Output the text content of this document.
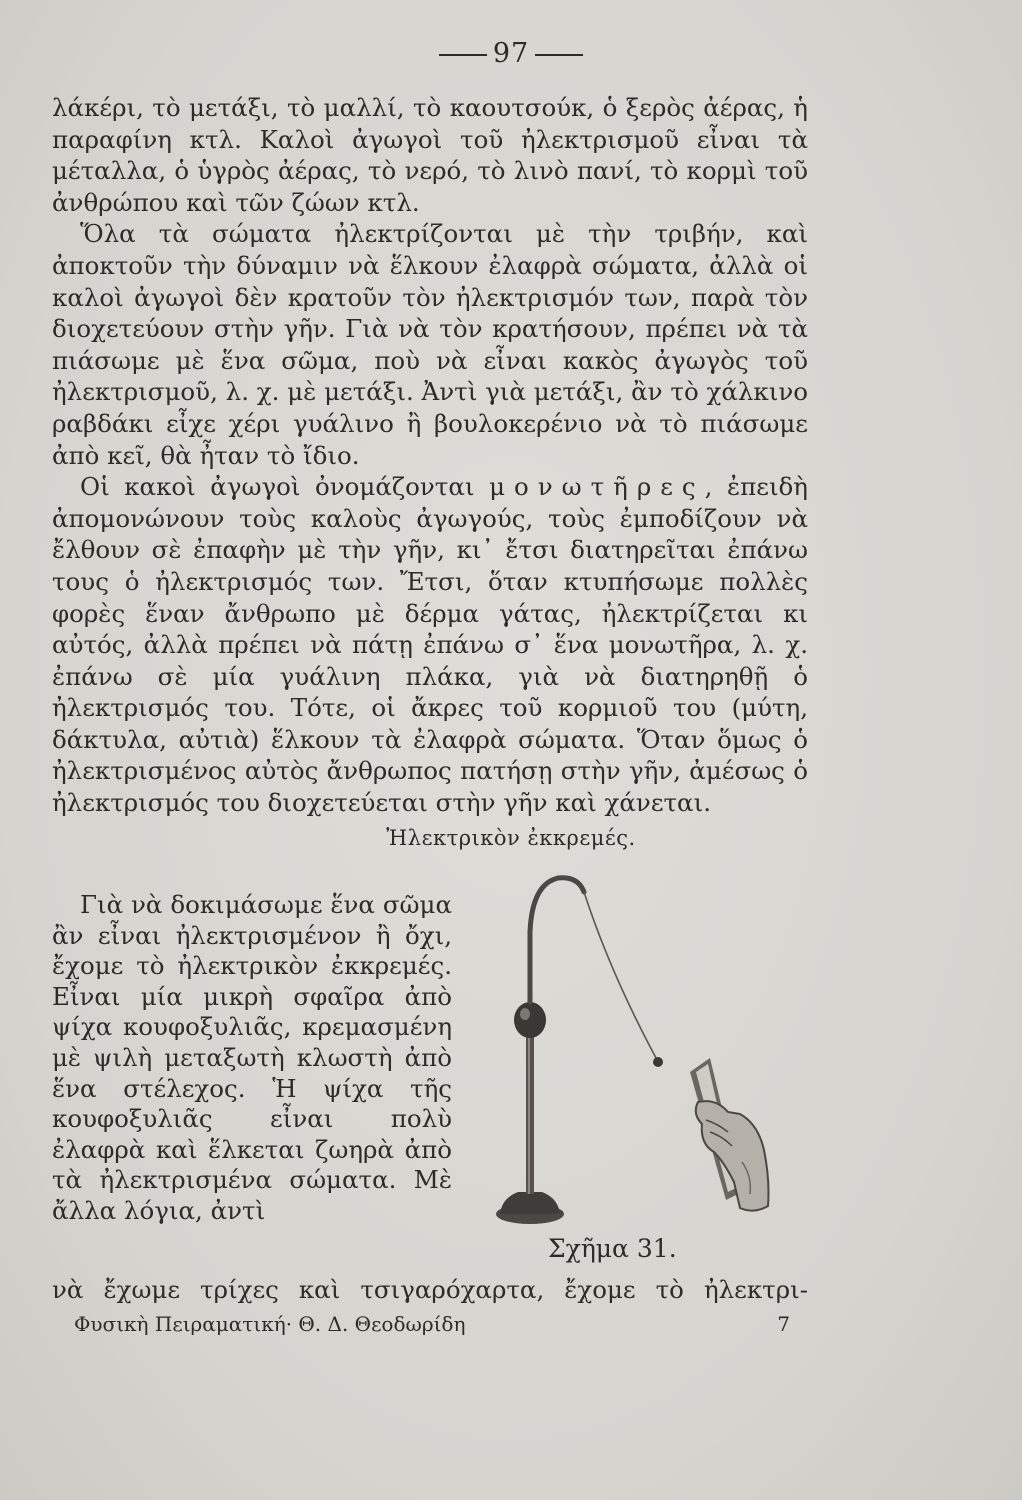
97

λάκέρι, τὸ μετάξι, τὸ μαλλί, τὸ καουτσούκ, ὁ ξερὸς ἀέρας, ἡ παραφίνη κτλ. Καλοὶ ἀγωγοὶ τοῦ ἠλεκτρισμοῦ εἶναι τὰ μέταλλα, ὁ ὑγρὸς ἀέρας, τὸ νερό, τὸ λινὸ πανί, τὸ κορμὶ τοῦ ἀνθρώπου καὶ τῶν ζώων κτλ.

Ὅλα τὰ σώματα ἠλεκτρίζονται μὲ τὴν τριβήν, καὶ ἀποκτοῦν τὴν δύναμιν νὰ ἕλκουν ἐλαφρὰ σώματα, ἀλλὰ οἱ καλοὶ ἀγωγοὶ δὲν κρατοῦν τὸν ἠλεκτρισμόν των, παρὰ τὸν διοχετεύουν στὴν γῆν. Γιὰ νὰ τὸν κρατήσουν, πρέπει νὰ τὰ πιάσωμε μὲ ἕνα σῶμα, ποὺ νὰ εἶναι κακὸς ἀγωγὸς τοῦ ἠλεκτρισμοῦ, λ. χ. μὲ μετάξι. Ἀντὶ γιὰ μετάξι, ἂν τὸ χάλκινο ραβδάκι εἶχε χέρι γυάλινο ἢ βουλοκερένιο νὰ τὸ πιάσωμε ἀπὸ κεῖ, θὰ ἦταν τὸ ἴδιο.

Οἱ κακοὶ ἀγωγοὶ ὀνομάζονται μονωτῆρες, ἐπειδὴ ἀπομονώνουν τοὺς καλοὺς ἀγωγούς, τοὺς ἐμποδίζουν νὰ ἔλθουν σὲ ἐπαφὴν μὲ τὴν γῆν, κι᾽ ἔτσι διατηρεῖται ἐπάνω τους ὁ ἠλεκτρισμός των. Ἔτσι, ὅταν κτυπήσωμε πολλὲς φορὲς ἕναν ἄνθρωπο μὲ δέρμα γάτας, ἠλεκτρίζεται κι αὐτός, ἀλλὰ πρέπει νὰ πάτῃ ἐπάνω σ᾽ ἕνα μονωτῆρα, λ. χ. ἐπάνω σὲ μία γυάλινη πλάκα, γιὰ νὰ διατηρηθῇ ὁ ἠλεκτρισμός του. Τότε, οἱ ἄκρες τοῦ κορμιοῦ του (μύτη, δάκτυλα, αὐτιὰ) ἕλκουν τὰ ἐλαφρὰ σώματα. Ὅταν ὅμως ὁ ἠλεκτρισμένος αὐτὸς ἄνθρωπος πατήσῃ στὴν γῆν, ἀμέσως ὁ ἠλεκτρισμός του διοχετεύεται στὴν γῆν καὶ χάνεται.

Ἠλεκτρικὸν ἐκκρεμές.

Γιὰ νὰ δοκιμάσωμε ἕνα σῶμα ἂν εἶναι ἠλεκτρισμένον ἢ ὄχι, ἔχομε τὸ ἠλεκτρικὸν ἐκκρεμές. Εἶναι μία μικρὴ σφαῖρα ἀπὸ ψίχα κουφοξυλιᾶς, κρεμασμένη μὲ ψιλὴ μεταξωτὴ κλωστὴ ἀπὸ ἕνα στέλεχος. Ἡ ψίχα τῆς κουφοξυλιᾶς εἶναι πολὺ ἐλαφρὰ καὶ ἕλκεται ζωηρὰ ἀπὸ τὰ ἠλεκτρισμένα σώματα. Μὲ ἄλλα λόγια, ἀντὶ

Σχῆμα 31.
νὰ ἔχωμε τρίχες καὶ τσιγαρόχαρτα, ἔχομε τὸ ἠλεκτρι-
Φυσικὴ Πειραματική· Θ. Δ. Θεοδωρίδη	7
